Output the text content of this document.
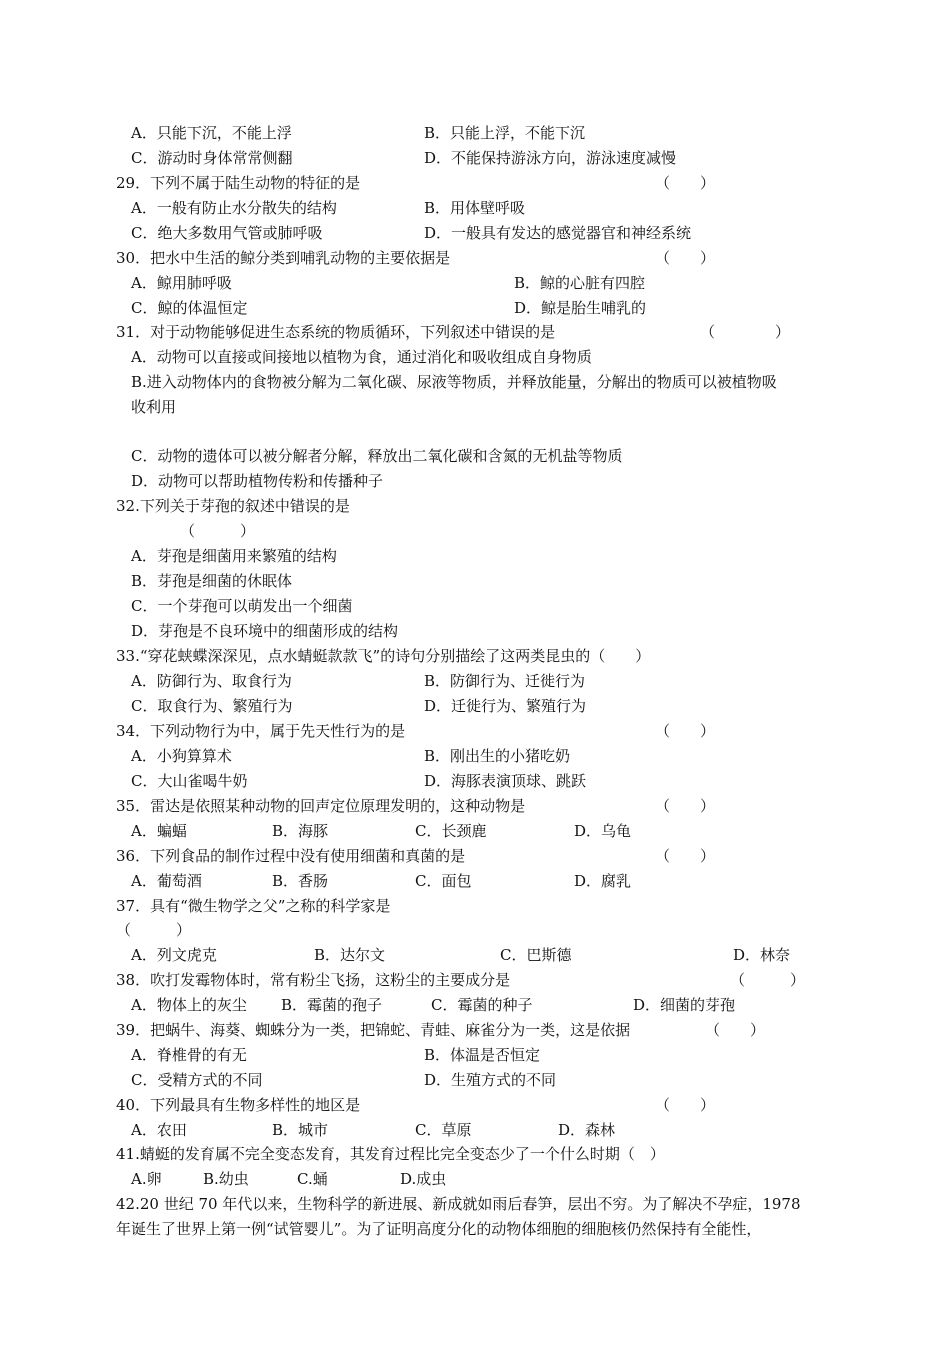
A．只能下沉，不能上浮	B．只能上浮，不能下沉
C．游动时身体常常侧翻	D．不能保持游泳方向，游泳速度减慢
29．下列不属于陆生动物的特征的是	（　　）
A．一般有防止水分散失的结构	B．用体壁呼吸
C．绝大多数用气管或肺呼吸	D．一般具有发达的感觉器官和神经系统
30．把水中生活的鲸分类到哺乳动物的主要依据是	（　　）
A．鲸用肺呼吸	B．鲸的心脏有四腔
C．鲸的体温恒定	D．鲸是胎生哺乳的
31．对于动物能够促进生态系统的物质循环，下列叙述中错误的是	（　　　　）
A．动物可以直接或间接地以植物为食，通过消化和吸收组成自身物质
B.进入动物体内的食物被分解为二氧化碳、尿液等物质，并释放能量，分解出的物质可以被植物吸
收利用
C．动物的遗体可以被分解者分解，释放出二氧化碳和含氮的无机盐等物质
D．动物可以帮助植物传粉和传播种子
32.下列关于芽孢的叙述中错误的是
（　　　）
A．芽孢是细菌用来繁殖的结构
B．芽孢是细菌的休眠体
C．一个芽孢可以萌发出一个细菌
D．芽孢是不良环境中的细菌形成的结构
33.“穿花蛱蝶深深见，点水蜻蜓款款飞”的诗句分别描绘了这两类昆虫的（　　）
A．防御行为、取食行为	B．防御行为、迁徙行为
C．取食行为、繁殖行为	D．迁徙行为、繁殖行为
34．下列动物行为中，属于先天性行为的是	（　　）
A．小狗算算术	B．刚出生的小猪吃奶
C．大山雀喝牛奶	D．海豚表演顶球、跳跃
35．雷达是依照某种动物的回声定位原理发明的，这种动物是	（　　）
A．蝙蝠	B．海豚	C．长颈鹿	D．乌龟
36．下列食品的制作过程中没有使用细菌和真菌的是	（　　）
A．葡萄酒	B．香肠	C．面包	D．腐乳
37．具有“微生物学之父”之称的科学家是
（　　　）
A．列文虎克	B．达尔文	C．巴斯德	D．林奈
38．吹打发霉物体时，常有粉尘飞扬，这粉尘的主要成分是	（　　　）
A．物体上的灰尘 B．霉菌的孢子	C．霉菌的种子	D．细菌的芽孢
39．把蜗牛、海葵、蜘蛛分为一类，把锦蛇、青蛙、麻雀分为一类，这是依据	（　　）
A．脊椎骨的有无	B．体温是否恒定
C．受精方式的不同	D．生殖方式的不同
40．下列最具有生物多样性的地区是	（　　）
A．农田	B．城市	C．草原	D．森林
41.蜻蜓的发育属不完全变态发育，其发育过程比完全变态少了一个什么时期（　）
A.卵	B.幼虫	C.蛹	D.成虫
42.20 世纪 70 年代以来，生物科学的新进展、新成就如雨后春笋，层出不穷。为了解决不孕症，1978
年诞生了世界上第一例“试管婴儿”。为了证明高度分化的动物体细胞的细胞核仍然保持有全能性，
